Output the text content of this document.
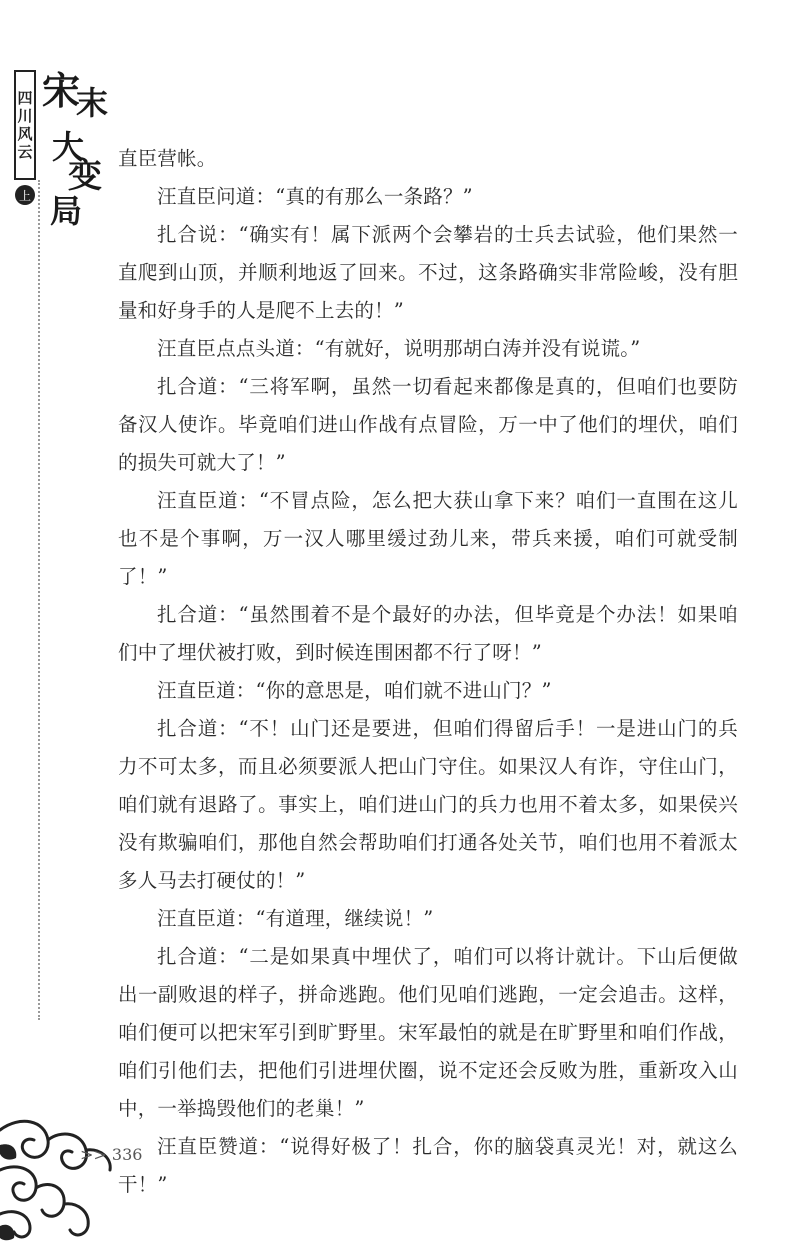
四
川
风
云
上
宋
末
大
变
局

直臣营帐。

汪直臣问道：“真的有那么一条路？”

扎合说：“确实有！属下派两个会攀岩的士兵去试验，他们果然一直爬到山顶，并顺利地返了回来。不过，这条路确实非常险峻，没有胆量和好身手的人是爬不上去的！”

汪直臣点点头道：“有就好，说明那胡白涛并没有说谎。”

扎合道：“三将军啊，虽然一切看起来都像是真的，但咱们也要防备汉人使诈。毕竟咱们进山作战有点冒险，万一中了他们的埋伏，咱们的损失可就大了！”

汪直臣道：“不冒点险，怎么把大获山拿下来？咱们一直围在这儿也不是个事啊，万一汉人哪里缓过劲儿来，带兵来援，咱们可就受制了！”

扎合道：“虽然围着不是个最好的办法，但毕竟是个办法！如果咱们中了埋伏被打败，到时候连围困都不行了呀！”

汪直臣道：“你的意思是，咱们就不进山门？”

扎合道：“不！山门还是要进，但咱们得留后手！一是进山门的兵力不可太多，而且必须要派人把山门守住。如果汉人有诈，守住山门，咱们就有退路了。事实上，咱们进山门的兵力也用不着太多，如果侯兴没有欺骗咱们，那他自然会帮助咱们打通各处关节，咱们也用不着派太多人马去打硬仗的！”

汪直臣道：“有道理，继续说！”

扎合道：“二是如果真中埋伏了，咱们可以将计就计。下山后便做出一副败退的样子，拼命逃跑。他们见咱们逃跑，一定会追击。这样，咱们便可以把宋军引到旷野里。宋军最怕的就是在旷野里和咱们作战，咱们引他们去，把他们引进埋伏圈，说不定还会反败为胜，重新攻入山中，一举捣毁他们的老巢！”

汪直臣赞道：“说得好极了！扎合，你的脑袋真灵光！对，就这么干！”

>> 336
